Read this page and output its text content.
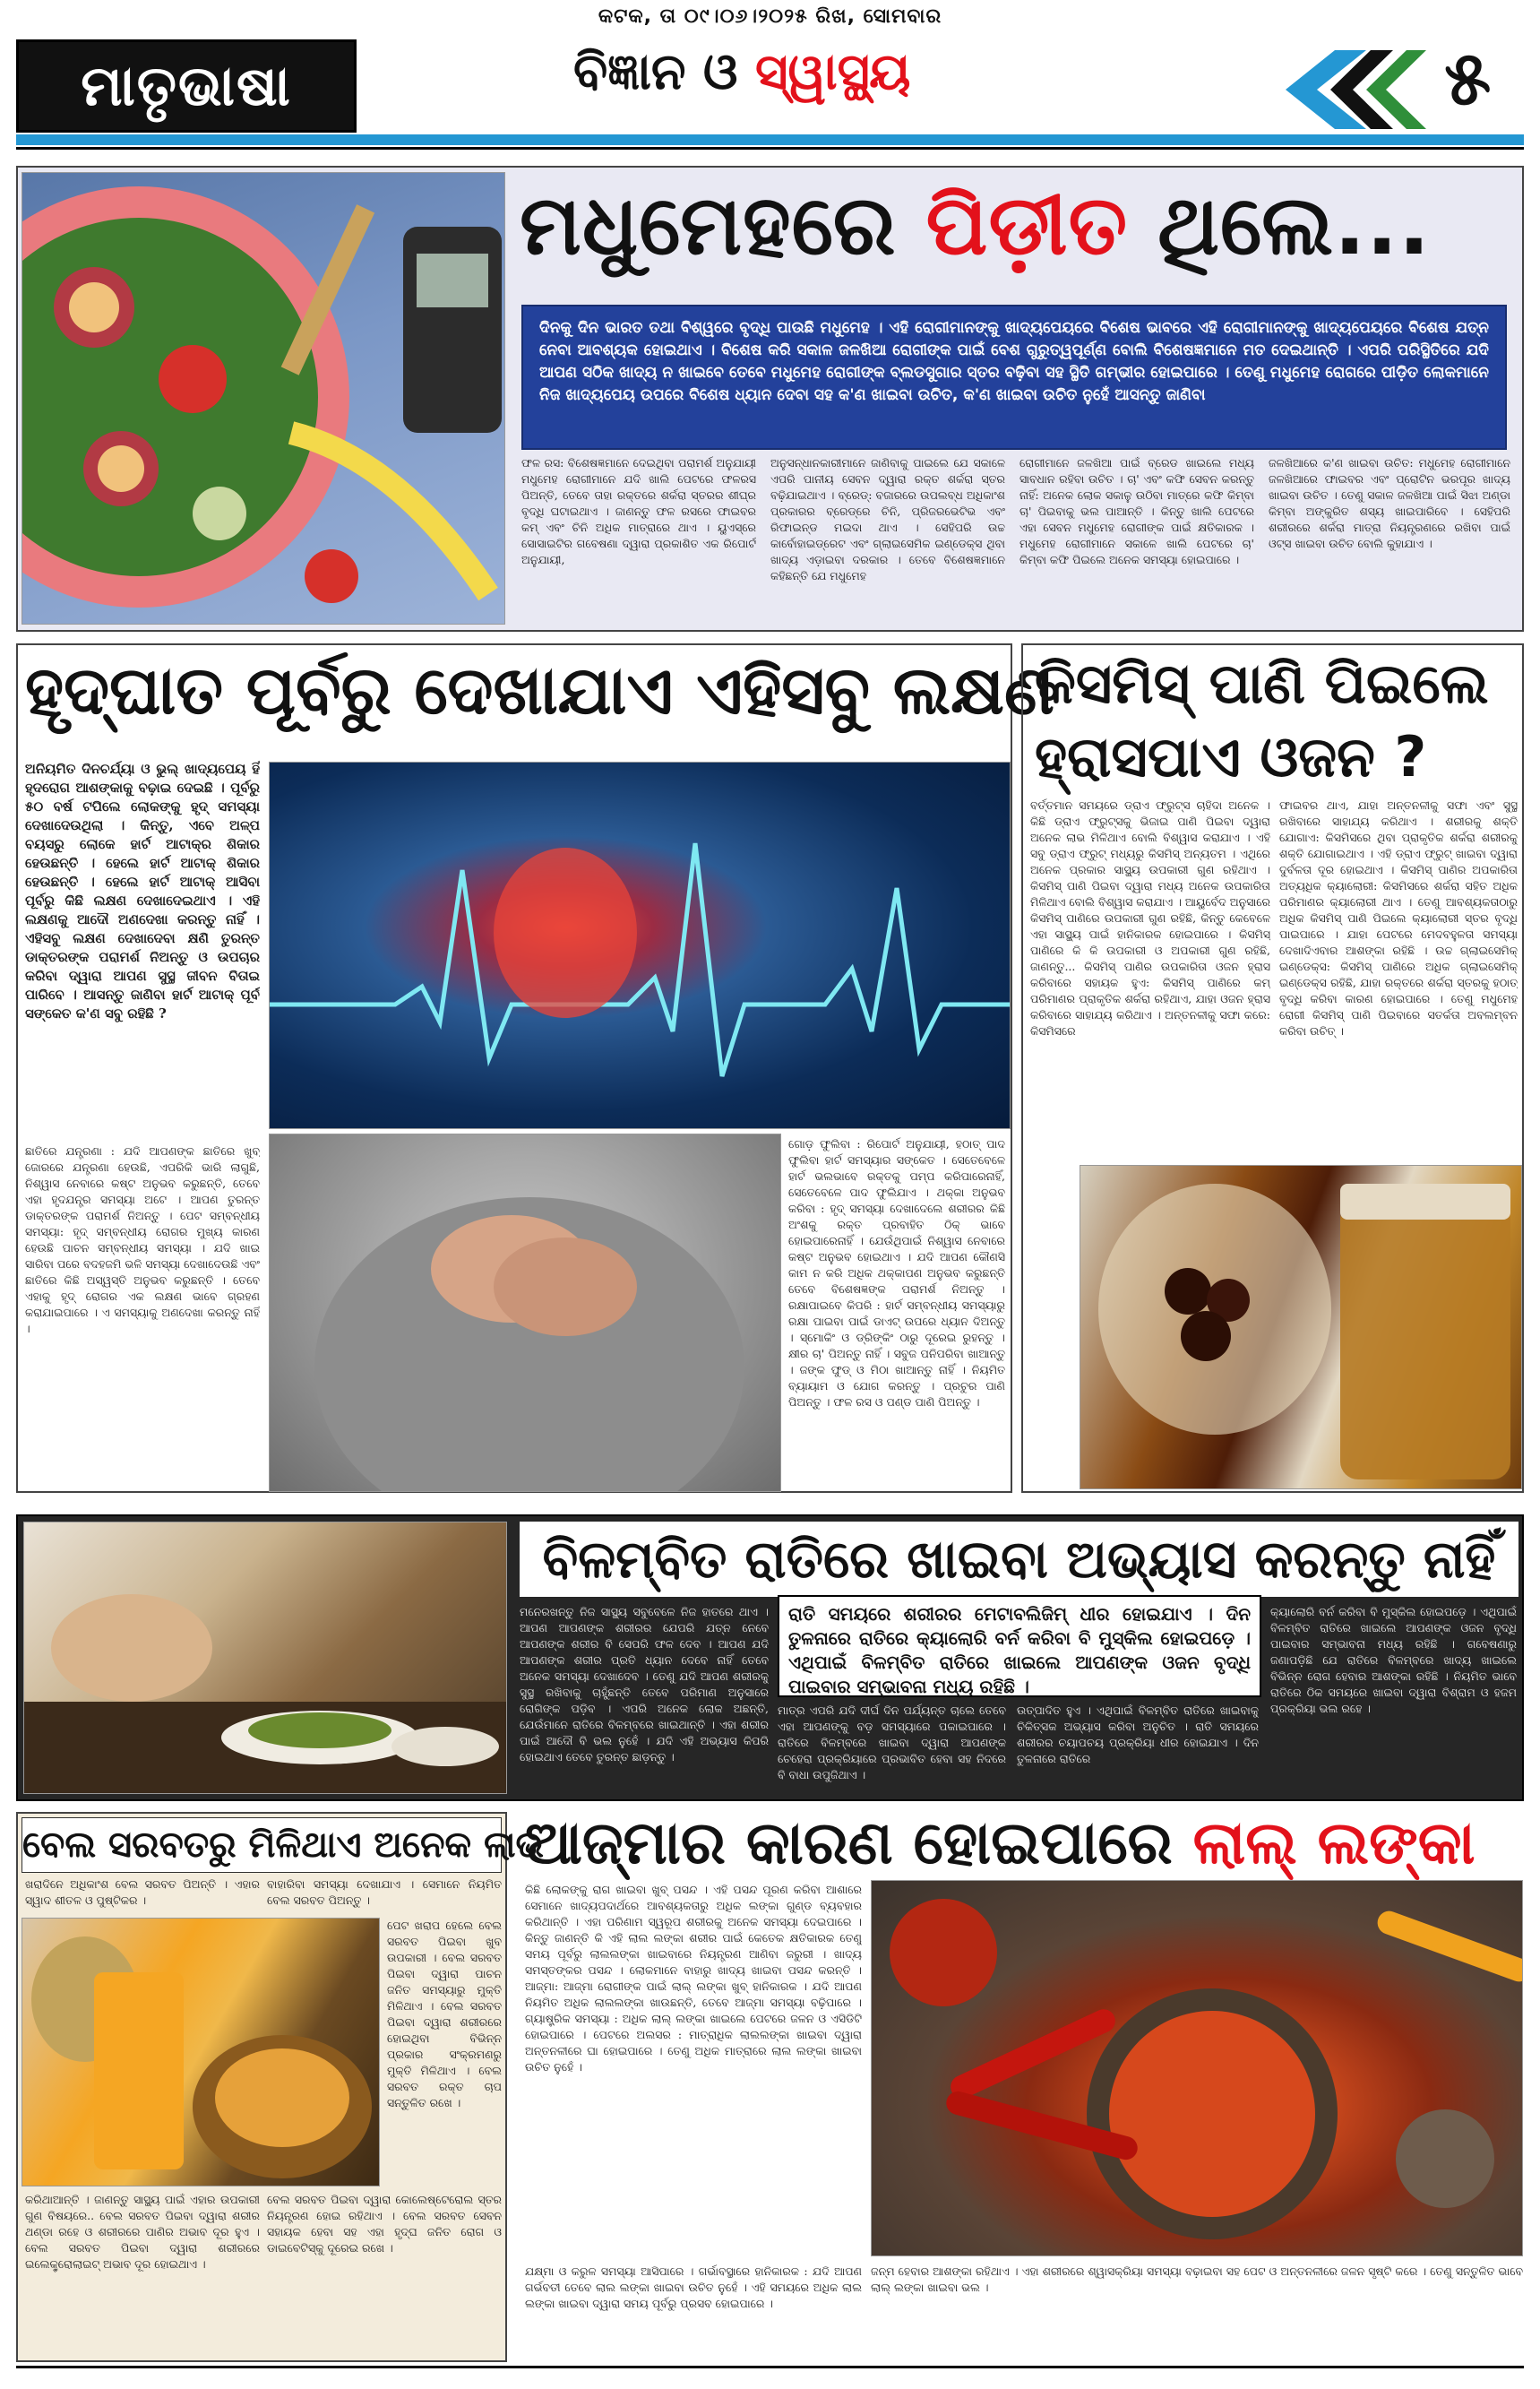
କଟକ, ତା ୦୯।୦୬।୨୦୨୫ ରିଖ, ସୋମବାର
ମାତୃଭାଷା	ବିଜ୍ଞାନ ଓ ସ୍ୱାସ୍ଥ୍ୟ	୫
ମଧୁମେହରେ ପିଡ଼ୀତ ଥିଲେ...
ଦିନକୁ ଦିନ ଭାରତ ତଥା ବିଶ୍ୱରେ ବୃଦ୍ଧି ପାଉଛି ମଧୁମେହ । ଏହି ରୋଗୀମାନଙ୍କୁ ଖାଦ୍ୟପେୟରେ ବିଶେଷ ଭାବରେ ଏହି ରୋଗୀମାନଙ୍କୁ ଖାଦ୍ୟପେୟରେ ବିଶେଷ ଯତ୍ନ ନେବା ଆବଶ୍ୟକ ହୋଇଥାଏ । ବିଶେଷ କରି ସକାଳ ଜଳଖିଆ ରୋଗୀଙ୍କ ପାଇଁ ବେଶ ଗୁରୁତ୍ୱପୂର୍ଣ୍ଣ ବୋଲି ବିଶେଷଜ୍ଞମାନେ ମତ ଦେଇଥାନ୍ତି । ଏପରି ପରିସ୍ଥିତିରେ ଯଦି ଆପଣ ସଠିକ ଖାଦ୍ୟ ନ ଖାଇବେ ତେବେ ମଧୁମେହ ରୋଗୀଙ୍କ ବ୍ଲଡସୁଗାର ସ୍ତର ବଢ଼ିବା ସହ ସ୍ଥିତି ଗମ୍ଭୀର ହୋଇପାରେ । ତେଣୁ ମଧୁମେହ ରୋଗରେ ପୀଡ଼ିତ ଲୋକମାନେ ନିଜ ଖାଦ୍ୟପେୟ ଉପରେ ବିଶେଷ ଧ୍ୟାନ ଦେବା ସହ କ'ଣ ଖାଇବା ଉଚିତ, କ'ଣ ଖାଇବା ଉଚିତ ନୁହେଁ ଆସନ୍ତୁ ଜାଣିବା
ଫଳ ରସ: ବିଶେଷଜ୍ଞମାନେ ଦେଇଥିବା ପରାମର୍ଶ ଅନୁଯାୟୀ ମଧୁମେହ ରୋଗୀମାନେ ଯଦି ଖାଲି ପେଟରେ ଫଳରସ ପିଅନ୍ତି, ତେବେ ତାହା ରକ୍ତରେ ଶର୍କରା ସ୍ତରର ଶୀଘ୍ର ବୃଦ୍ଧି ଘଟାଇଥାଏ । ଜାଣନ୍ତୁ ଫଳ ରସରେ ଫାଇବର କମ୍ ଏବଂ ଚିନି ଅଧିକ ମାତ୍ରାରେ ଥାଏ । ୟୁଏସ୍ରେ ସୋସାଇଟିର ଗବେଷଣା ଦ୍ୱାରା ପ୍ରକାଶିତ ଏକ ରିପୋର୍ଟ ଅନୁଯାୟୀ,
ଅନୁସନ୍ଧାନକାରୀମାନେ ଜାଣିବାକୁ ପାଇଲେ ଯେ ସକାଳେ ଏପରି ପାନୀୟ ସେବନ ଦ୍ୱାରା ରକ୍ତ ଶର୍କରା ସ୍ତର ବଢ଼ିଯାଇଥାଏ । ବ୍ରେଡ୍: ବଜାରରେ ଉପଲବ୍ଧ ଅଧିକାଂଶ ପ୍ରକାରର ବ୍ରେଡ୍ରେ ଚିନି, ପ୍ରିଜରଭେଟିଭ ଏବଂ ରିଫାଇନ୍ଡ ମଇଦା ଥାଏ । ସେହିପରି ଉଚ୍ଚ କାର୍ବୋହାଇଡ୍ରେଟ ଏବଂ ଗ୍ଲାଇସେମିକ ଇଣ୍ଡେକ୍ସ ଥିବା ଖାଦ୍ୟ ଏଡ଼ାଇବା ଦରକାର । ତେବେ ବିଶେଷଜ୍ଞମାନେ କହିଛନ୍ତି ଯେ ମଧୁମେହ
ରୋଗୀମାନେ ଜଳଖିଆ ପାଇଁ ବ୍ରେଡ ଖାଇଲେ ମଧ୍ୟ ସାବଧାନ ରହିବା ଉଚିତ । ଚା' ଏବଂ କଫି ସେବନ କରନ୍ତୁ ନାହିଁ: ଅନେକ ଲୋକ ସକାଳୁ ଉଠିବା ମାତ୍ରେ କଫି କିମ୍ବା ଚା' ପିଇବାକୁ ଭଲ ପାଆନ୍ତି । କିନ୍ତୁ ଖାଲି ପେଟରେ ଏହା ସେବନ ମଧୁମେହ ରୋଗୀଙ୍କ ପାଇଁ କ୍ଷତିକାରକ । ମଧୁମେହ ରୋଗୀମାନେ ସକାଳେ ଖାଲି ପେଟରେ ଚା' କିମ୍ବା କଫି ପିଇଲେ ଅନେକ ସମସ୍ୟା ହୋଇପାରେ ।
ଜଳଖିଆରେ କ'ଣ ଖାଇବା ଉଚିତ: ମଧୁମେହ ରୋଗୀମାନେ ଜଳଖିଆରେ ଫାଇବର ଏବଂ ପ୍ରୋଟିନ ଭରପୂର ଖାଦ୍ୟ ଖାଇବା ଉଚିତ । ତେଣୁ ସକାଳ ଜଳଖିଆ ପାଇଁ ସିଝା ଅଣ୍ଡା କିମ୍ବା ଅଙ୍କୁରିତ ଶସ୍ୟ ଖାଇପାରିବେ । ସେହିପରି ଶରୀରରେ ଶର୍କରା ମାତ୍ରା ନିୟନ୍ତ୍ରଣରେ ରଖିବା ପାଇଁ ଓଟ୍ସ ଖାଇବା ଉଚିତ ବୋଲି କୁହାଯାଏ ।
ହୃଦ୍‌ଘାତ ପୂର୍ବରୁ ଦେଖାଯାଏ ଏହିସବୁ ଲକ୍ଷଣ
ଅନିୟମିତ ଦିନଚର୍ଯ୍ୟା ଓ ଭୁଲ୍ ଖାଦ୍ୟପେୟ ହିଁ ହୃଦରୋଗ ଆଶଙ୍କାକୁ ବଢ଼ାଇ ଦେଇଛି । ପୂର୍ବରୁ ୫୦ ବର୍ଷ ଟପିଲେ ଲୋକଙ୍କୁ ହୃଦ୍ ସମସ୍ୟା ଦେଖାଦେଉଥିଲା । କିନ୍ତୁ, ଏବେ ଅଳ୍ପ ବୟସରୁ ଲୋକେ ହାର୍ଟ ଆଟାକ୍‌ର ଶିକାର ହେଉଛନ୍ତି । ହେଲେ ହାର୍ଟ ଆଟାକ୍ ଶିକାର ହେଉଛନ୍ତି । ହେଲେ ହାର୍ଟ ଆଟାକ୍ ଆସିବା ପୂର୍ବରୁ କିଛି ଲକ୍ଷଣ ଦେଖାଦେଇଥାଏ । ଏହି ଲକ୍ଷଣକୁ ଆଦୌ ଅଣଦେଖା କରନ୍ତୁ ନାହିଁ । ଏହିସବୁ ଲକ୍ଷଣ ଦେଖାଦେବା କ୍ଷଣି ତୁରନ୍ତ ଡାକ୍ତରଙ୍କ ପରାମର୍ଶ ନିଅନ୍ତୁ ଓ ଉପଚାର କରିବା ଦ୍ୱାରା ଆପଣ ସୁସ୍ଥ ଜୀବନ ବିତାଇ ପାରିବେ । ଆସନ୍ତୁ ଜାଣିବା ହାର୍ଟ ଆଟାକ୍ ପୂର୍ବ ସଙ୍କେତ କ'ଣ ସବୁ ରହିଛି ?
ଛାତିରେ ଯନ୍ତ୍ରଣା : ଯଦି ଆପଣଙ୍କ ଛାତିରେ ଖୁବ୍ ଜୋରରେ ଯନ୍ତ୍ରଣା ହେଉଛି, ଏପରିକି ଭାରି ଲାଗୁଛି, ନିଶ୍ୱାସ ନେବାରେ କଷ୍ଟ ଅନୁଭବ କରୁଛନ୍ତି, ତେବେ ଏହା ହୃଦଯନ୍ତ୍ର ସମସ୍ୟା ଅଟେ । ଆପଣ ତୁରନ୍ତ ଡାକ୍ତରଙ୍କ ପରାମର୍ଶ ନିଅନ୍ତୁ । ପେଟ ସମ୍ବନ୍ଧୀୟ ସମସ୍ୟା: ହୃଦ୍ ସମ୍ବନ୍ଧୀୟ ରୋଗର ମୁଖ୍ୟ କାରଣ ହେଉଛି ପାଚନ ସମ୍ବନ୍ଧୀୟ ସମସ୍ୟା । ଯଦି ଖାଇ ସାରିବା ପରେ ବଦହଜମି ଭଳି ସମସ୍ୟା ଦେଖାଦେଉଛି ଏବଂ ଛାତିରେ କିଛି ଅସ୍ୱସ୍ତି ଅନୁଭବ କରୁଛନ୍ତି । ତେବେ ଏହାକୁ ହୃଦ୍ ରୋଗର ଏକ ଲକ୍ଷଣ ଭାବେ ଗ୍ରହଣ କରାଯାଇପାରେ । ଏ ସମସ୍ୟାକୁ ଅଣଦେଖା କରନ୍ତୁ ନାହିଁ ।
ଗୋଡ଼ ଫୁଲିବା : ରିପୋର୍ଟ ଅନୁଯାୟୀ, ହଠାତ୍ ପାଦ ଫୁଲିବା ହାର୍ଟ ସମସ୍ୟାର ସଙ୍କେତ । ସେତେବେଳେ ହାର୍ଟ ଭଲଭାବେ ରକ୍ତକୁ ପମ୍ପ କରିପାରେନାହିଁ, ସେତେବେଳେ ପାଦ ଫୁଲିଯାଏ । ଥକ୍କା ଅନୁଭବ କରିବା : ହୃଦ୍ ସମସ୍ୟା ଦେଖାଦେଲେ ଶରୀରର କିଛି ଅଂଶକୁ ରକ୍ତ ପ୍ରବାହିତ ଠିକ୍ ଭାବେ ହୋଇପାରେନାହିଁ । ଯେଉଁଥିପାଇଁ ନିଶ୍ୱାସ ନେବାରେ କଷ୍ଟ ଅନୁଭବ ହୋଇଥାଏ । ଯଦି ଆପଣ କୌଣସି କାମ ନ କରି ଅଧିକ ଥକ୍କାପଣ ଅନୁଭବ କରୁଛନ୍ତି ତେବେ ବିଶେଷଜ୍ଞଙ୍କ ପରାମର୍ଶ ନିଅନ୍ତୁ । ରକ୍ଷାପାଇବେ କିପରି : ହାର୍ଟ ସମ୍ବନ୍ଧୀୟ ସମସ୍ୟାରୁ ରକ୍ଷା ପାଇବା ପାଇଁ ଡାଏଟ୍ ଉପରେ ଧ୍ୟାନ ଦିଅନ୍ତୁ । ସ୍ମୋକିଂ ଓ ଡ୍ରିଙ୍କିଂ ଠାରୁ ଦୂରେଇ ରୁହନ୍ତୁ । କ୍ଷୀର ଚା' ପିଅନ୍ତୁ ନାହିଁ । ସବୁଜ ପନିପରିବା ଖାଆନ୍ତୁ । ଜଙ୍କ ଫୁଡ୍ ଓ ମିଠା ଖାଆନ୍ତୁ ନାହିଁ । ନିୟମିତ ବ୍ୟାୟାମ ଓ ଯୋଗ କରନ୍ତୁ । ପ୍ରଚୁର ପାଣି ପିଅନ୍ତୁ । ଫଳ ରସ ଓ ପଣ୍ଡ ପାଣି ପିଅନ୍ତୁ ।
କିସମିସ୍ ପାଣି ପିଇଲେ ହ୍ରାସପାଏ ଓଜନ ?
ବର୍ତ୍ତମାନ ସମୟରେ ଡ୍ରାଏ ଫ୍ରୁଟ୍ସ ଚାହିଦା ଅନେକ । କିଛି ଡ୍ରାଏ ଫ୍ରୁଟ୍ସକୁ ଭିଜାଇ ପାଣି ପିଇବା ଦ୍ୱାରା ଅନେକ ଲାଭ ମିଳିଥାଏ ବୋଲି ବିଶ୍ୱାସ କରାଯାଏ । ଏହି ସବୁ ଡ୍ରାଏ ଫ୍ରୁଟ୍ ମଧ୍ୟରୁ କିସମିସ୍ ଅନ୍ୟତମ । ଏଥିରେ ଅନେକ ପ୍ରକାର ସାସ୍ଥ୍ୟ ଉପକାରୀ ଗୁଣ ରହିଥାଏ । କିସମିସ୍ ପାଣି ପିଇବା ଦ୍ୱାରା ମଧ୍ୟ ଅନେକ ଉପକାରିତା ମିଳିଥାଏ ବୋଲି ବିଶ୍ୱାସ କରାଯାଏ । ଆୟୁର୍ବେଦ ଅନୁସାରେ କିସମିସ୍ ପାଣିରେ ଉପକାରୀ ଗୁଣ ରହିଛି, କିନ୍ତୁ କେବେଳେ ଏହା ସାସ୍ଥ୍ୟ ପାଇଁ ହାନିକାରକ ହୋଇପାରେ । କିସମିସ୍ ପାଣିରେ କି କି ଉପକାରୀ ଓ ଅପକାରୀ ଗୁଣ ରହିଛି, ଜାଣନ୍ତୁ... କିସମିସ୍ ପାଣିର ଉପକାରିତା ଓଜନ ହ୍ରାସ କରିବାରେ ସହାୟକ ହୁଏ: କିସମିସ୍ ପାଣିରେ କମ୍ ପରିମାଣର ପ୍ରାକୃତିକ ଶର୍କରା ରହିଥାଏ, ଯାହା ଓଜନ ହ୍ରାସ କରିବାରେ ସାହାଯ୍ୟ କରିଥାଏ । ଅନ୍ତନଳୀକୁ ସଫା କରେ: କିସମିସରେ
ଫାଇବର ଥାଏ, ଯାହା ଅନ୍ତନଳୀକୁ ସଫା ଏବଂ ସୁସ୍ଥ ରଖିବାରେ ସାହାଯ୍ୟ କରିଥାଏ । ଶରୀରକୁ ଶକ୍ତି ଯୋଗାଏ: କିସମିସରେ ଥିବା ପ୍ରାକୃତିକ ଶର୍କରା ଶରୀରକୁ ଶକ୍ତି ଯୋଗାଇଥାଏ । ଏହି ଡ୍ରାଏ ଫ୍ରୁଟ୍ ଖାଇବା ଦ୍ୱାରା ଦୁର୍ବଳତା ଦୂର ହୋଇଥାଏ । କିସମିସ୍ ପାଣିର ଅପକାରିତା ଅତ୍ୟଧିକ କ୍ୟାଲୋରୀ: କିସମିସରେ ଶର୍କରା ସହିତ ଅଧିକ ପରିମାଣର କ୍ୟାଲୋରୀ ଥାଏ । ତେଣୁ ଆବଶ୍ୟକତାଠାରୁ ଅଧିକ କିସମିସ୍ ପାଣି ପିଇଲେ କ୍ୟାଲୋରୀ ସ୍ତର ବୃଦ୍ଧି ପାଇପାରେ । ଯାହା ପେଟରେ ମେଦବହୁଳତା ସମସ୍ୟା ଦେଖାଦିଏବାର ଆଶଙ୍କା ରହିଛି । ଉଚ୍ଚ ଗ୍ଲାଇସେମିକ୍ ଇଣ୍ଡେକ୍ସ: କିସମିସ୍ ପାଣିରେ ଅଧିକ ଗ୍ଲାଇସେମିକ୍ ଇଣ୍ଡେକ୍ସ ରହିଛି, ଯାହା ରକ୍ତରେ ଶର୍କରା ସ୍ତରକୁ ହଠାତ୍ ବୃଦ୍ଧି କରିବା କାରଣ ହୋଇପାରେ । ତେଣୁ ମଧୁମେହ ରୋଗୀ କିସମିସ୍ ପାଣି ପିଇବାରେ ସତର୍କତା ଅବଲମ୍ବନ କରିବା ଉଚିତ୍ ।
ବିଳମ୍ବିତ ରାତିରେ ଖାଇବା ଅଭ୍ୟାସ କରନ୍ତୁ ନାହିଁ
ମନେରଖନ୍ତୁ ନିଜ ସାସ୍ଥ୍ୟ ସବୁବେଳେ ନିଜ ହାତରେ ଥାଏ । ଆପଣ ଆପଣଙ୍କ ଶରୀରର ଯେପରି ଯତ୍ନ ନେବେ ଆପଣଙ୍କ ଶରୀର ବି ସେପରି ଫଳ ଦେବ । ଆପଣ ଯଦି ଆପଣଙ୍କ ଶରୀର ପ୍ରତି ଧ୍ୟାନ ଦେବେ ନାହିଁ ତେବେ ଅନେକ ସମସ୍ୟା ଦେଖାଦେବ । ତେଣୁ ଯଦି ଆପଣ ଶରୀରକୁ ସୁସ୍ଥ ରଖିବାକୁ ଚାହୁଁଛନ୍ତି ତେବେ ପରିମାଣ ଅନୁସାରେ ରୋଗିଙ୍କ ପଡ଼ିବ । ଏପରି ଅନେକ ଲୋକ ଅଛନ୍ତି, ଯେଉଁମାନେ ରାତିରେ ବିଳମ୍ବରେ ଖାଇଥାନ୍ତି । ଏହା ଶରୀର ପାଇଁ ଆଦୌ ବି ଭଲ ନୁହେଁ । ଯଦି ଏହି ଅଭ୍ୟାସ କିପରି ହୋଇଥାଏ ତେବେ ତୁରନ୍ତ ଛାଡ଼ନ୍ତୁ ।
ରାତି ସମୟରେ ଶରୀରର ମେଟାବଲିଜିମ୍ ଧୀର ହୋଇଯାଏ । ଦିନ ତୁଳନାରେ ରାତିରେ କ୍ୟାଲୋରି ବର୍ନ କରିବା ବି ମୁସ୍କିଲ ହୋଇପଡ଼େ । ଏଥିପାଇଁ ବିଳମ୍ବିତ ରାତିରେ ଖାଇଲେ ଆପଣଙ୍କ ଓଜନ ବୃଦ୍ଧି ପାଇବାର ସମ୍ଭାବନା ମଧ୍ୟ ରହିଛି ।
ମାତ୍ର ଏପରି ଯଦି ଦୀର୍ଘ ଦିନ ପର୍ଯ୍ୟନ୍ତ ଚାଲେ ତେବେ ଏହା ଆପଣଙ୍କୁ ବଡ଼ ସମସ୍ୟାରେ ପକାଇପାରେ । ରାତିରେ ବିଳମ୍ବରେ ଖାଇବା ଦ୍ୱାରା ଆପଣଙ୍କ ଚେହେରା ପ୍ରକ୍ରିୟାରେ ପ୍ରଭାବିତ ହେବା ସହ ନିଦରେ ବି ବାଧା ଉପୁଜିଥାଏ ।
ଉତ୍ପାଦିତ ହୁଏ । ଏଥିପାଇଁ ବିଳମ୍ବିତ ରାତିରେ ଖାଇବାକୁ ଚିକିତ୍ସକ ଅଭ୍ୟାସ କରିବା ଅନୁଚିତ । ରାତି ସମୟରେ ଶରୀରର ଚୟାପଚୟ ପ୍ରକ୍ରିୟା ଧୀର ହୋଇଯାଏ । ଦିନ ତୁଳନାରେ ରାତିରେ
କ୍ୟାଲୋରି ବର୍ନ କରିବା ବି ମୁସ୍କିଲ ହୋଇପଡ଼େ । ଏଥିପାଇଁ ବିଳମ୍ବିତ ରାତିରେ ଖାଇଲେ ଆପଣଙ୍କ ଓଜନ ବୃଦ୍ଧି ପାଇବାର ସମ୍ଭାବନା ମଧ୍ୟ ରହିଛି । ଗବେଷଣାରୁ ଜଣାପଡ଼ିଛି ଯେ ରାତିରେ ବିଳମ୍ବରେ ଖାଦ୍ୟ ଖାଇଲେ ବିଭିନ୍ନ ରୋଗ ହେବାର ଆଶଙ୍କା ରହିଛି । ନିୟମିତ ଭାବେ ରାତିରେ ଠିକ ସମୟରେ ଖାଇବା ଦ୍ୱାରା ବିଶ୍ରାମ ଓ ହଜମ ପ୍ରକ୍ରିୟା ଭଲ ରହେ ।
ବେଲ ସରବତରୁ ମିଳିଥାଏ ଅନେକ ଲାଭ
ଖରାଦିନେ ଅଧିକାଂଶ ବେଲ ସରବତ ପିଅନ୍ତି । ଏହାର ସ୍ୱାଦ ଶୀତଳ ଓ ପୁଷ୍ଟିକର ।
ବାହାରିବା ସମସ୍ୟା ଦେଖାଯାଏ । ସେମାନେ ନିୟମିତ ବେଲ ସରବତ ପିଅନ୍ତୁ ।
ପେଟ ଖରାପ ହେଲେ ବେଲ ସରବତ ପିଇବା ଖୁବ ଉପକାରୀ । ବେଲ ସରବତ ପିଇବା ଦ୍ୱାରା ପାଚନ ଜନିତ ସମସ୍ୟାରୁ ମୁକ୍ତି ମିଳିଥାଏ । ବେଲ ସରବତ ପିଇବା ଦ୍ୱାରା ଶରୀରରେ ହୋଇଥିବା ବିଭିନ୍ନ ପ୍ରକାର ସଂକ୍ରମଣରୁ ମୁକ୍ତି ମିଳିଥାଏ । ବେଲ ସରବତ ରକ୍ତ ଚାପ ସନ୍ତୁଳିତ ରଖେ ।
କରିଥାଆନ୍ତି । ଜାଣନ୍ତୁ ସାସ୍ଥ୍ୟ ପାଇଁ ଏହାର ଉପକାରୀ ଗୁଣ ବିଷୟରେ.. ବେଲ ସରବତ ପିଇବା ଦ୍ୱାରା ଶରୀର ଥଣ୍ଡା ରହେ ଓ ଶରୀରରେ ପାଣିର ଅଭାବ ଦୂର ହୁଏ । ବେଲ ସରବତ ପିଇବା ଦ୍ୱାରା ଶରୀରରେ ଇଲେକ୍ଟ୍ରୋଲାଇଟ୍ ଅଭାବ ଦୂର ହୋଇଥାଏ ।
ବେଲ ସରବତ ପିଇବା ଦ୍ୱାରା କୋଲେଷ୍ଟେରୋଲ ସ୍ତର ନିୟନ୍ତ୍ରଣ ହୋଇ ରହିଥାଏ । ବେଲ ସରବତ ସେବନ ସହାୟକ ହେବା ସହ ଏହା ହୃଦ୍‌ଘ ଜନିତ ରୋଗ ଓ ଡାଇବେଟିସ୍‌କୁ ଦୂରେଇ ରଖେ ।
ଆଜ୍‌ମାର କାରଣ ହୋଇପାରେ ଲାଲ୍ ଲଙ୍କା
କିଛି ଲୋକଙ୍କୁ ରାଗ ଖାଇବା ଖୁବ୍ ପସନ୍ଦ । ଏହି ପସନ୍ଦ ପୂରଣ କରିବା ଆଶାରେ ସେମାନେ ଖାଦ୍ୟପଦାର୍ଥରେ ଆବଶ୍ୟକତାରୁ ଅଧିକ ଲଙ୍କା ଗୁଣ୍ଡ ବ୍ୟବହାର କରିଥାନ୍ତି । ଏହା ପରିଣାମ ସ୍ୱରୂପ ଶରୀରକୁ ଅନେକ ସମସ୍ୟା ଦେଇପାରେ । କିନ୍ତୁ ଜାଣନ୍ତି କି ଏହି ଲାଲ ଲଙ୍କା ଶରୀର ପାଇଁ କେତେକ କ୍ଷତିକାରକ ତେଣୁ ସମୟ ପୂର୍ବରୁ ଲାଲଲଙ୍କା ଖାଇବାରେ ନିୟନ୍ତ୍ରଣ ଆଣିବା ଜରୁରୀ । ଖାଦ୍ୟ ସମସ୍ତଙ୍କର ପସନ୍ଦ । ଲୋକମାନେ ବାହାରୁ ଖାଦ୍ୟ ଖାଇବା ପସନ୍ଦ କରନ୍ତି । ଆଜ୍‌ମା: ଆଜ୍‌ମା ରୋଗୀଙ୍କ ପାଇଁ ଲାଲ୍ ଲଙ୍କା ଖୁବ୍ ହାନିକାରକ । ଯଦି ଆପଣ ନିୟମିତ ଅଧିକ ଲାଲଲଙ୍କା ଖାଉଛନ୍ତି, ତେବେ ଆଜ୍‌ମା ସମସ୍ୟା ବଢ଼ିପାରେ । ଗ୍ୟାଷ୍ଟ୍ରିକ ସମସ୍ୟା : ଅଧିକ ଲାଲ୍ ଲଙ୍କା ଖାଇଲେ ପେଟରେ ଜଳନ ଓ ଏସିଡିଟି ହୋଇପାରେ । ପେଟରେ ଅଲସର : ମାତ୍ରାଧିକ ଲାଲଲଙ୍କା ଖାଇବା ଦ୍ୱାରା ଅନ୍ତନଳୀରେ ଘା ହୋଇପାରେ । ତେଣୁ ଅଧିକ ମାତ୍ରାରେ ଲାଲ ଲଙ୍କା ଖାଇବା ଉଚିତ ନୁହେଁ ।
ଯକ୍ଷ୍ମା ଓ କରୁଳ ସମସ୍ୟା ଆସିପାରେ । ଗର୍ଭାବସ୍ଥାରେ ହାନିକାରକ : ଯଦି ଆପଣ ଗର୍ଭବତୀ ତେବେ ଲାଲ ଲଙ୍କା ଖାଇବା ଉଚିତ ନୁହେଁ । ଏହି ସମୟରେ ଅଧିକ ଲାଲ ଲଙ୍କା ଖାଇବା ଦ୍ୱାରା ସମୟ ପୂର୍ବରୁ ପ୍ରସବ ହୋଇପାରେ ।
ଜନ୍ମ ହେବାର ଆଶଙ୍କା ରହିଥାଏ । ଏହା ଶରୀରରେ ଶ୍ୱାସକ୍ରିୟା ସମସ୍ୟା ବଢ଼ାଇବା ସହ ପେଟ ଓ ଅନ୍ତନଳୀରେ ଜଳନ ସୃଷ୍ଟି କରେ । ତେଣୁ ସନ୍ତୁଳିତ ଭାବେ ଲାଲ୍ ଲଙ୍କା ଖାଇବା ଭଲ ।
